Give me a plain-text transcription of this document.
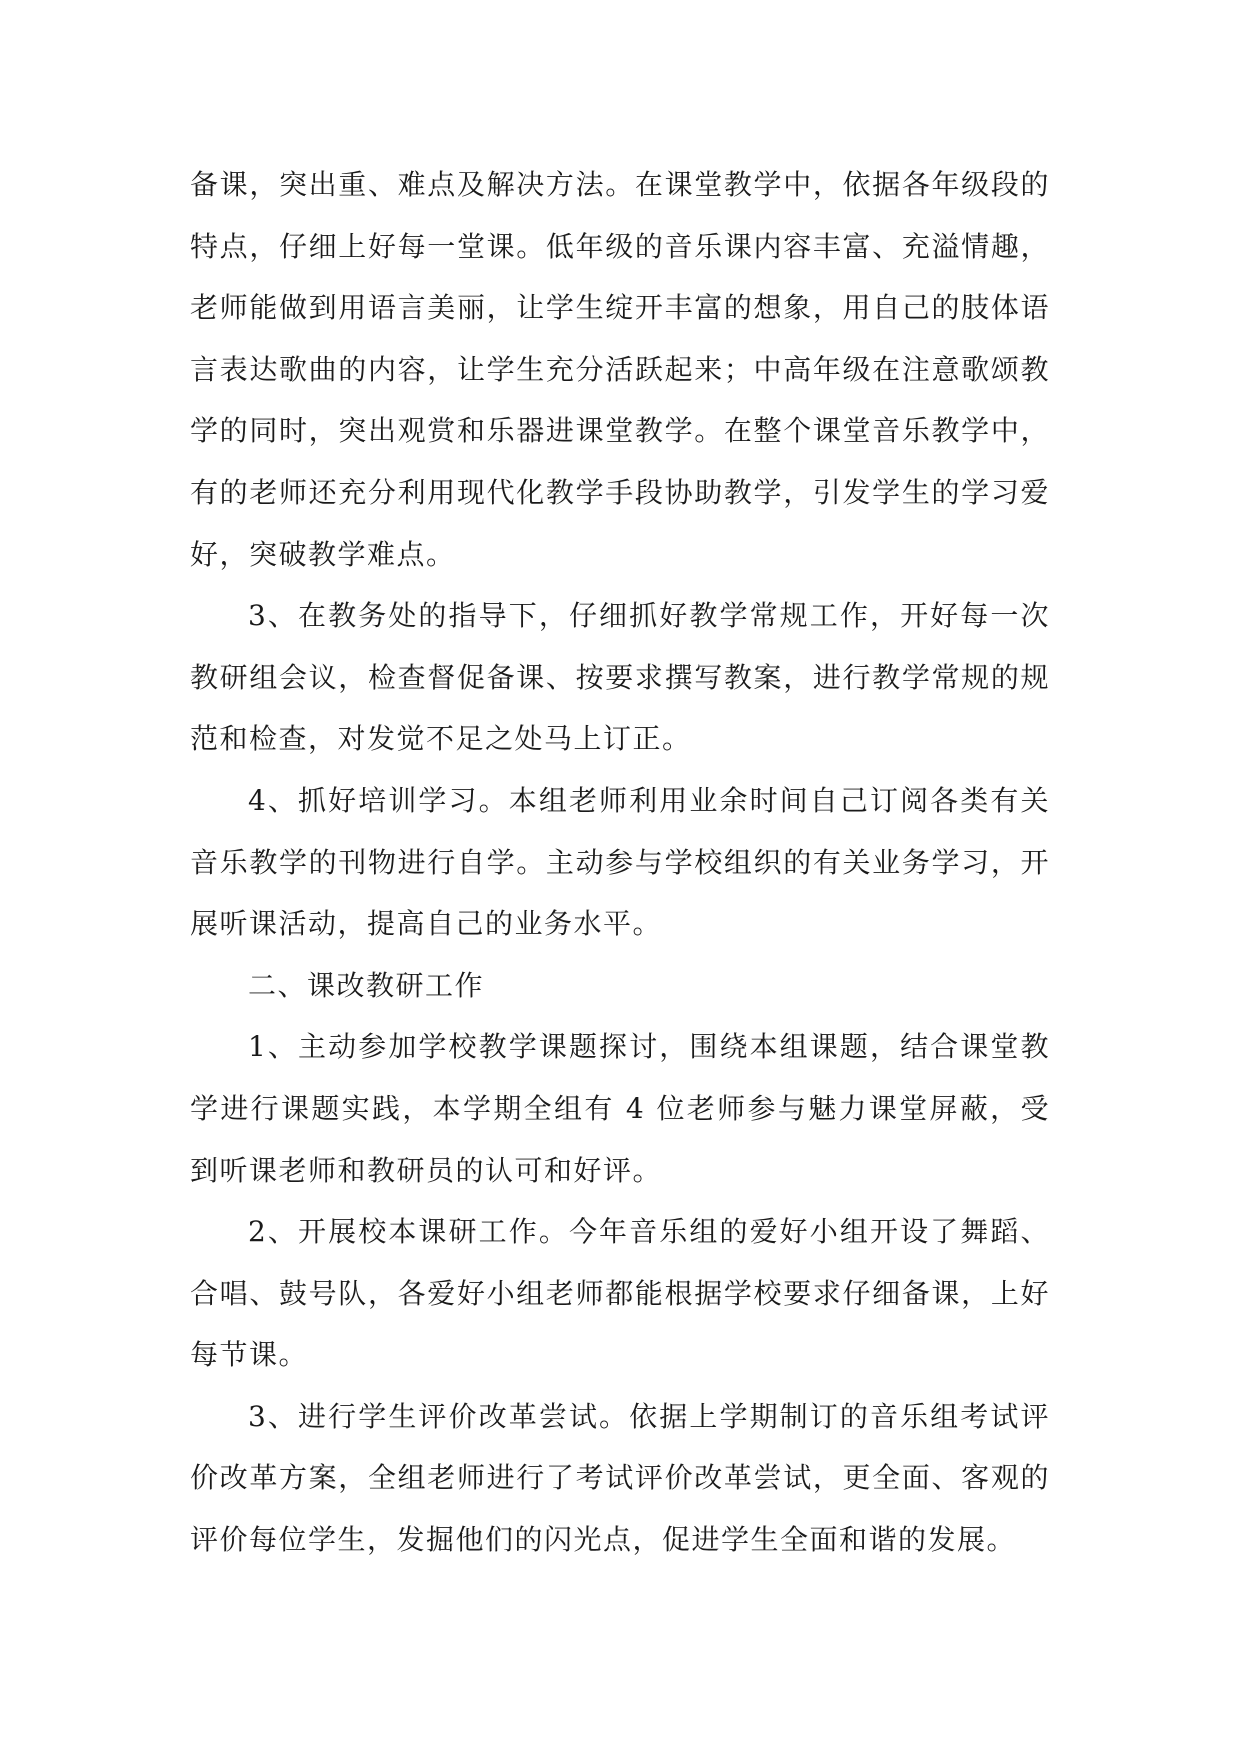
备课，突出重、难点及解决方法。在课堂教学中，依据各年级段的特点，仔细上好每一堂课。低年级的音乐课内容丰富、充溢情趣，老师能做到用语言美丽，让学生绽开丰富的想象，用自己的肢体语言表达歌曲的内容，让学生充分活跃起来；中高年级在注意歌颂教学的同时，突出观赏和乐器进课堂教学。在整个课堂音乐教学中，有的老师还充分利用现代化教学手段协助教学，引发学生的学习爱好，突破教学难点。

3、在教务处的指导下，仔细抓好教学常规工作，开好每一次教研组会议，检查督促备课、按要求撰写教案，进行教学常规的规范和检查，对发觉不足之处马上订正。

4、抓好培训学习。本组老师利用业余时间自己订阅各类有关音乐教学的刊物进行自学。主动参与学校组织的有关业务学习，开展听课活动，提高自己的业务水平。

二、课改教研工作

1、主动参加学校教学课题探讨，围绕本组课题，结合课堂教学进行课题实践，本学期全组有 4 位老师参与魅力课堂屏蔽，受到听课老师和教研员的认可和好评。

2、开展校本课研工作。今年音乐组的爱好小组开设了舞蹈、合唱、鼓号队，各爱好小组老师都能根据学校要求仔细备课，上好每节课。

3、进行学生评价改革尝试。依据上学期制订的音乐组考试评价改革方案，全组老师进行了考试评价改革尝试，更全面、客观的评价每位学生，发掘他们的闪光点，促进学生全面和谐的发展。
